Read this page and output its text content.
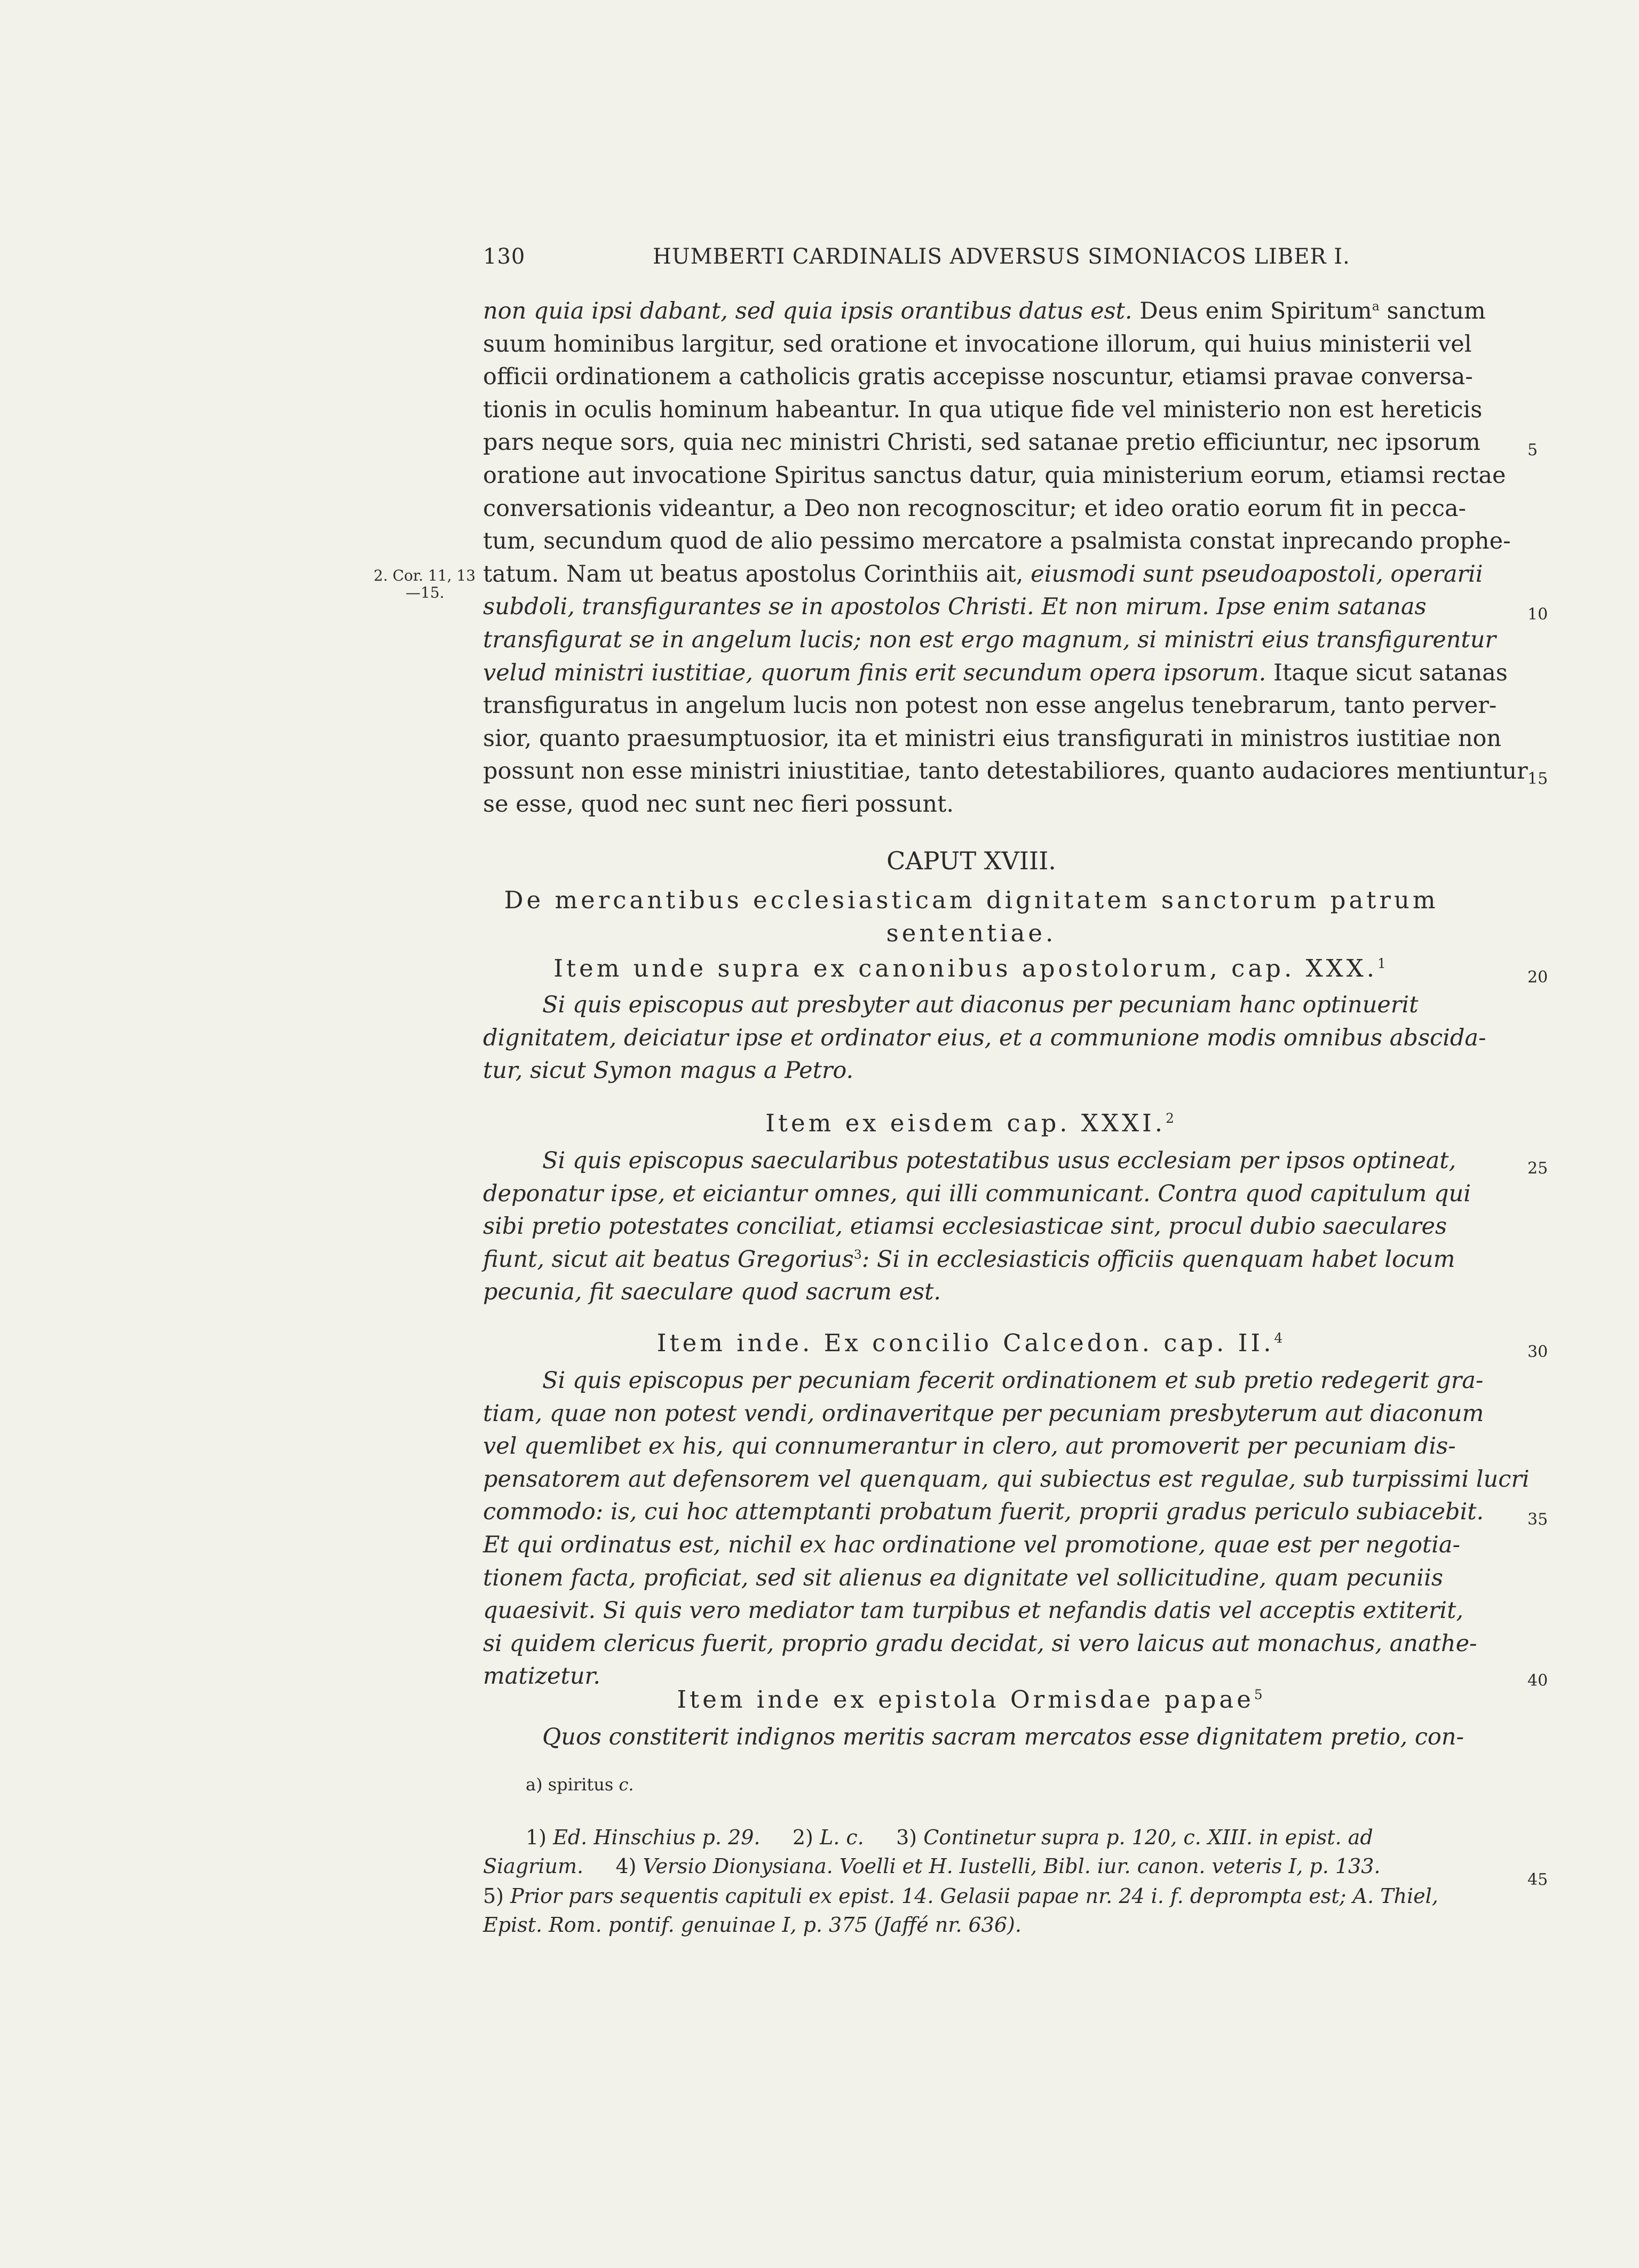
130	HUMBERTI CARDINALIS ADVERSUS SIMONIACOS LIBER I.
2. Cor. 11, 13
—15.
non quia ipsi dabant, sed quia ipsis orantibus datus est. Deus enim Spiritum$^a$ sanctum
suum hominibus largitur, sed oratione et invocatione illorum, qui huius ministerii vel
officii ordinationem a catholicis gratis accepisse noscuntur, etiamsi pravae conversa-
tionis in oculis hominum habeantur. In qua utique fide vel ministerio non est hereticis
pars neque sors, quia nec ministri Christi, sed satanae pretio efficiuntur, nec ipsorum	5
oratione aut invocatione Spiritus sanctus datur, quia ministerium eorum, etiamsi rectae
conversationis videantur, a Deo non recognoscitur; et ideo oratio eorum fit in pecca-
tum, secundum quod de alio pessimo mercatore a psalmista constat inprecando prophe-
tatum. Nam ut beatus apostolus Corinthiis ait, eiusmodi sunt pseudoapostoli, operarii
subdoli, transfigurantes se in apostolos Christi. Et non mirum. Ipse enim satanas	10
transfigurat se in angelum lucis; non est ergo magnum, si ministri eius transfigurentur
velud ministri iustitiae, quorum finis erit secundum opera ipsorum. Itaque sicut satanas
transfiguratus in angelum lucis non potest non esse angelus tenebrarum, tanto perver-
sior, quanto praesumptuosior, ita et ministri eius transfigurati in ministros iustitiae non
possunt non esse ministri iniustitiae, tanto detestabiliores, quanto audaciores mentiuntur 15
se esse, quod nec sunt nec fieri possunt.
CAPUT XVIII.
De mercantibus ecclesiasticam dignitatem sanctorum patrum
sententiae.
Item unde supra ex canonibus apostolorum, cap. XXX.$^1$
20
Si quis episcopus aut presbyter aut diaconus per pecuniam hanc optinuerit
dignitatem, deiciatur ipse et ordinator eius, et a communione modis omnibus abscida-
tur, sicut Symon magus a Petro.
Item ex eisdem cap. XXXI.$^2$
Si quis episcopus saecularibus potestatibus usus ecclesiam per ipsos optineat,	25
deponatur ipse, et eiciantur omnes, qui illi communicant. Contra quod capitulum qui
sibi pretio potestates conciliat, etiamsi ecclesiasticae sint, procul dubio saeculares
fiunt, sicut ait beatus Gregorius$^3$: Si in ecclesiasticis officiis quenquam habet locum
pecunia, fit saeculare quod sacrum est.
Item inde. Ex concilio Calcedon. cap. II.$^4$
30
Si quis episcopus per pecuniam fecerit ordinationem et sub pretio redegerit gra-
tiam, quae non potest vendi, ordinaveritque per pecuniam presbyterum aut diaconum
vel quemlibet ex his, qui connumerantur in clero, aut promoverit per pecuniam dis-
pensatorem aut defensorem vel quenquam, qui subiectus est regulae, sub turpissimi lucri
commodo: is, cui hoc attemptanti probatum fuerit, proprii gradus periculo subiacebit.	35
Et qui ordinatus est, nichil ex hac ordinatione vel promotione, quae est per negotia-
tionem facta, proficiat, sed sit alienus ea dignitate vel sollicitudine, quam pecuniis
quaesivit. Si quis vero mediator tam turpibus et nefandis datis vel acceptis extiterit,
si quidem clericus fuerit, proprio gradu decidat, si vero laicus aut monachus, anathe-
matizetur.	40
Item inde ex epistola Ormisdae papae$^5$
Quos constiterit indignos meritis sacram mercatos esse dignitatem pretio, con-
a) spiritus c.
1) Ed. Hinschius p. 29.     2) L. c.     3) Continetur supra p. 120, c. XIII. in epist. ad
Siagrium.     4) Versio Dionysiana. Voelli et H. Iustelli, Bibl. iur. canon. veteris I, p. 133.
5) Prior pars sequentis capituli ex epist. 14. Gelasii papae nr. 24 i. f. deprompta est; A. Thiel,
Epist. Rom. pontif. genuinae I, p. 375 (Jaffé nr. 636).
45
